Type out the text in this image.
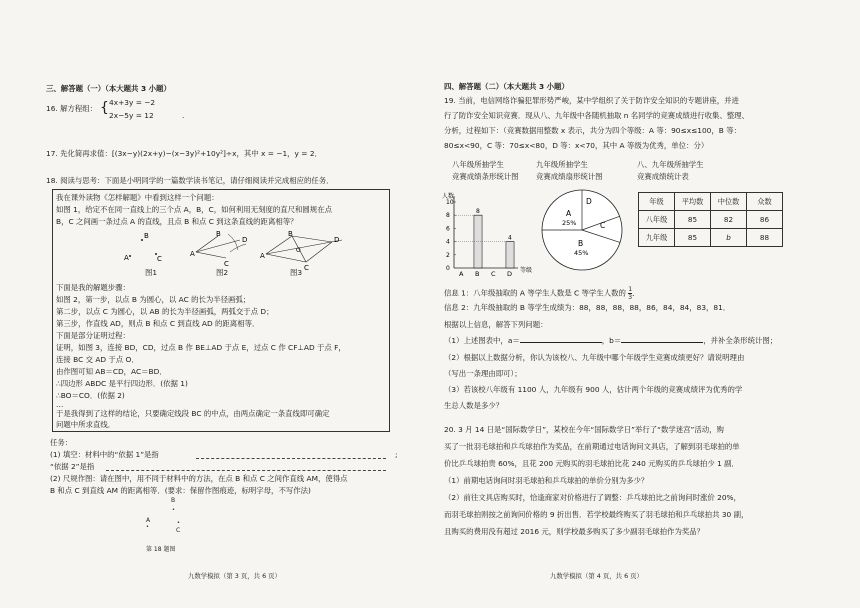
三、解答题（一）（本大题共 3 小题）
16. 解方程组： { 4x+3y = −2
2x−5y = 12	.
17. 先化简再求值：[(3x−y)(2x+y)−(x−3y)²+10y²]÷x，其中 x = −1，y = 2．
18. 阅读与思考：下面是小明同学的一篇数学读书笔记，请仔细阅读并完成相应的任务．
我在课外读物《怎样解题》中看到这样一个问题：
如图 1，给定不在同一直线上的三个点 A，B，C，如何利用无刻度的直尺和圆规在点
B，C 之间画一条过点 A 的直线，且点 B 和点 C 到这条直线的距离相等？
B
A	C
A
B
C
D
A
B
C
D
O
图1	图2	图3
下面是我的解题步骤：
如图 2，第一步，以点 B 为圆心，以 AC 的长为半径画弧；
第二步，以点 C 为圆心，以 AB 的长为半径画弧，两弧交于点 D；
第三步，作直线 AD，则点 B 和点 C 到直线 AD 的距离相等．
下面是部分证明过程：
证明，如图 3，连接 BD，CD，过点 B 作 BE⊥AD 于点 E，过点 C 作 CF⊥AD 于点 F，
连接 BC 交 AD 于点 O．
由作图可知 AB＝CD，AC＝BD．
∴四边形 ABDC 是平行四边形．(依据 1)
∴BO＝CO．(依据 2)
…
于是我得到了这样的结论，只要确定线段 BC 的中点，由两点确定一条直线即可确定
问题中所求直线．
任务：
(1) 填空：材料中的“依据 1”是指	;
“依据 2”是指
(2) 尺规作图：请在图中，用不同于材料中的方法，在点 B 和点 C 之间作直线 AM，使得点
B 和点 C 到直线 AM 的距离相等．(要求：保留作图痕迹，标明字母，不写作法)
B
•
A
•	C
•
第 18 题图
九数学模拟（第 3 页，共 6 页）
四、解答题（二）（本大题共 3 小题）
19. 当前，电信网络诈骗犯罪形势严峻，某中学组织了关于防诈安全知识的专题讲座，并进
行了防诈安全知识竞赛．现从八、九年级中各随机抽取 n 名同学的竞赛成绩进行收集、整理、
分析，过程如下：（竞赛数据用整数 x 表示，共分为四个等级：A 等：90≤x≤100，B 等：
80≤x<90，C 等：70≤x<80，D 等：x<70，其中 A 等级为优秀，单位：分）
八年级所抽学生
竞赛成绩条形统计图
九年级所抽学生
竞赛成绩扇形统计图
八、九年级所抽学生
竞赛成绩统计表
人数
等级
0
2
4
6
8
10
A B C D
8
4
A
25%
B
45%
C
D	年级	平均数	中位数	众数
八年级	85	82	86
九年级	85	b	88
信息 1：八年级抽取的 A 等学生人数是 C 等学生人数的 $\frac{1}{3}$ ．
信息 2：九年级抽取的 B 等学生成绩为：88，88，88，88，86，84，84，83，81．
根据以上信息，解答下列问题：
（1）上述图表中，a＝	，b＝	，并补全条形统计图；
（2）根据以上数据分析，你认为该校八、九年级中哪个年级学生竞赛成绩更好？请说明理由
（写出一条理由即可）；
（3）若该校八年级有 1100 人，九年级有 900 人，估计两个年级的竞赛成绩评为优秀的学
生总人数是多少？
20. 3 月 14 日是“国际数学日”，某校在今年“国际数学日”举行了“数学迷宫”活动，购
买了一批羽毛球拍和乒乓球拍作为奖品，在前期通过电话询问文具店，了解到羽毛球拍的单
价比乒乓球拍贵 60%，且花 200 元购买的羽毛球拍比花 240 元购买的乒乓球拍少 1 副．
（1）前期电话询问时羽毛球拍和乒乓球拍的单价分别为多少？
（2）前往文具店购买时，恰逢商家对价格进行了调整：乒乓球拍比之前询问时涨价 20%，
而羽毛球拍则按之前询问价格的 9 折出售．若学校最终购买了羽毛球拍和乒乓球拍共 30 副，
且购买的费用没有超过 2016 元，则学校最多购买了多少副羽毛球拍作为奖品？
九数学模拟（第 4 页，共 6 页）
